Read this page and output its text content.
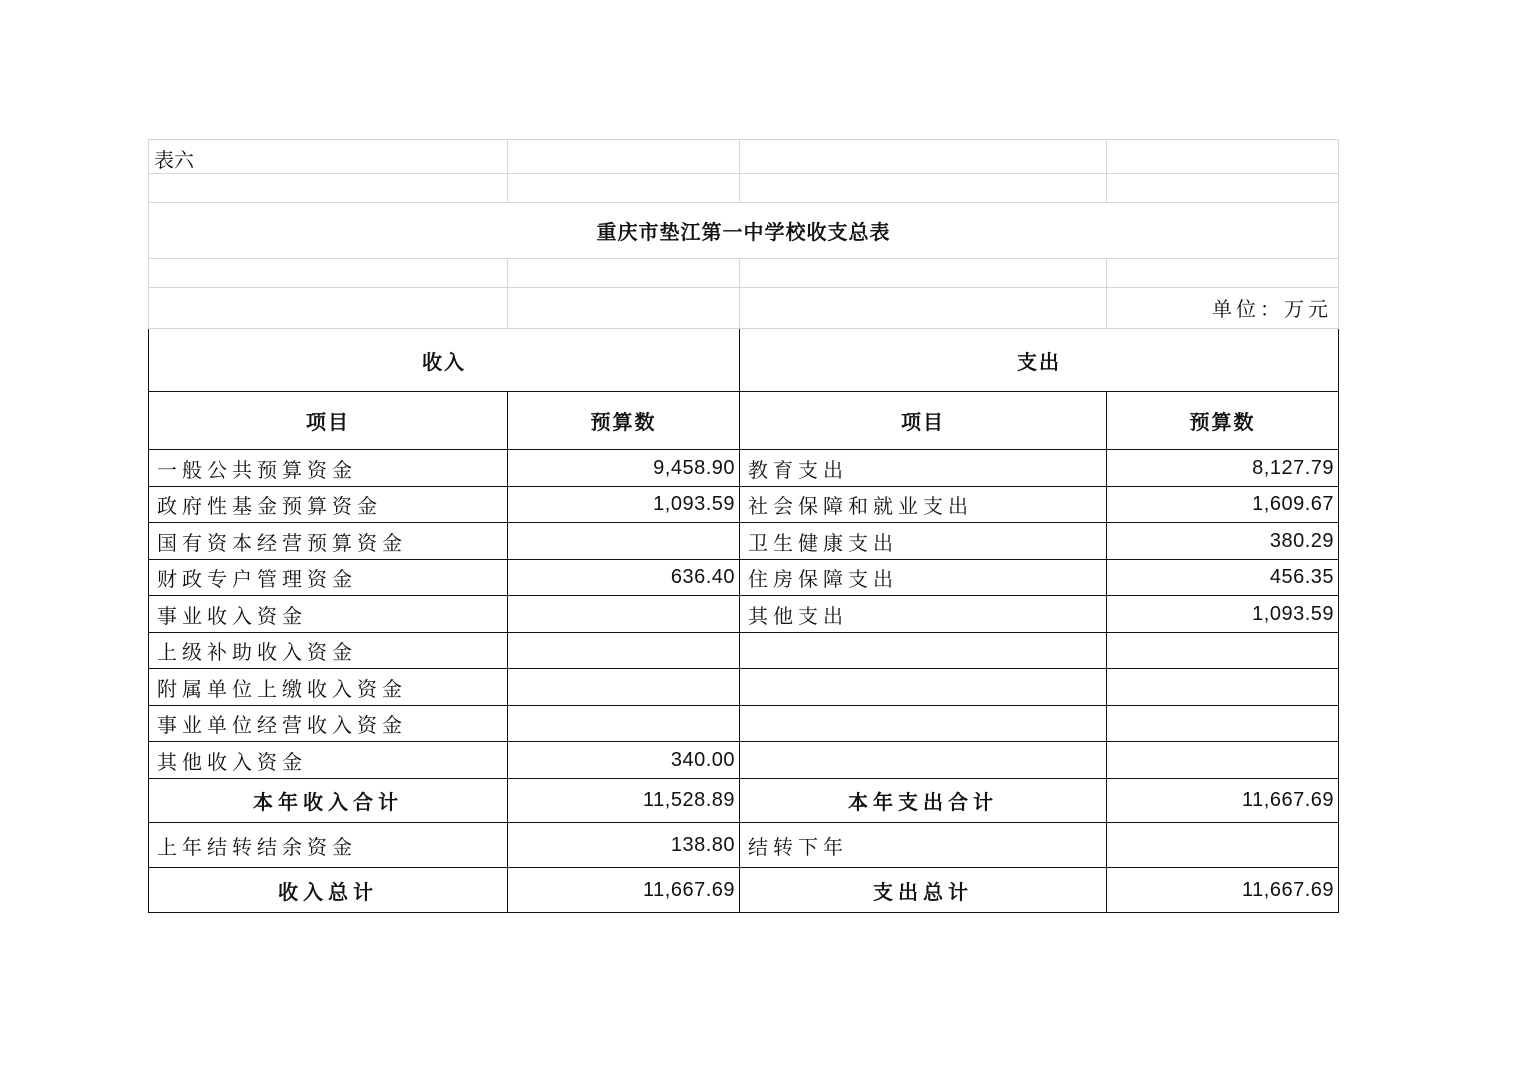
表六			

重庆市垫江第一中学校收支总表			

			单位：万元
收入		支出	
项目	预算数	项目	预算数
一般公共预算资金	9,458.90	教育支出	8,127.79
政府性基金预算资金	1,093.59	社会保障和就业支出	1,609.67
国有资本经营预算资金		卫生健康支出	380.29
财政专户管理资金	636.40	住房保障支出	456.35
事业收入资金		其他支出	1,093.59
上级补助收入资金			
附属单位上缴收入资金			
事业单位经营收入资金			
其他收入资金	340.00		
本年收入合计	11,528.89	本年支出合计	11,667.69
上年结转结余资金	138.80	结转下年	
收入总计	11,667.69	支出总计	11,667.69
